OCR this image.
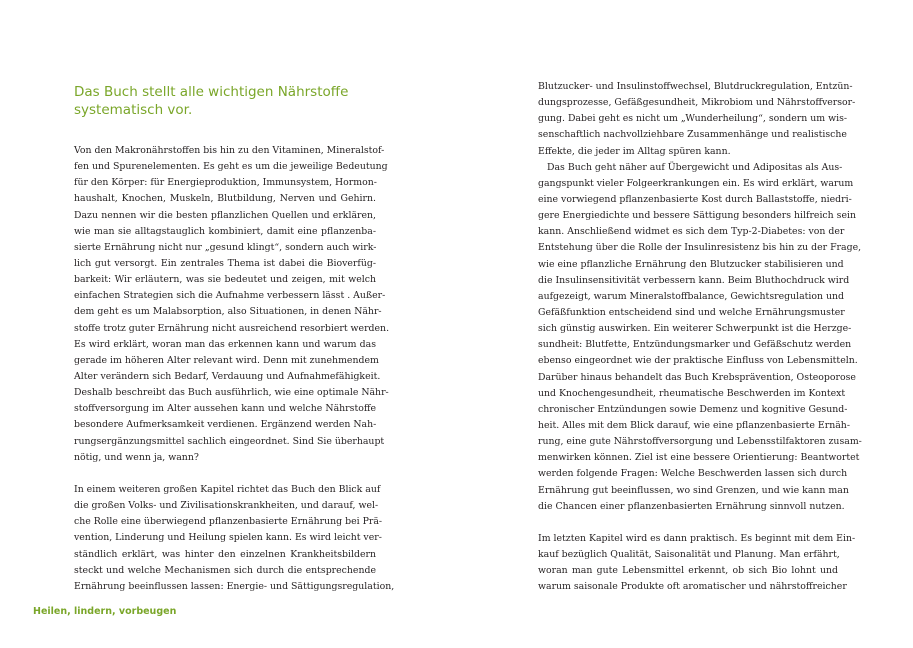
Das Buch stellt alle wichtigen Nährstoffe
systematisch vor.
Von den Makronährstoffen bis hin zu den Vitaminen, Mineralstof-
fen und Spurenelementen. Es geht es um die jeweilige Bedeutung
für den Körper: für Energieproduktion, Immunsystem, Hormon-
haushalt, Knochen, Muskeln, Blutbildung, Nerven und Gehirn.
Dazu nennen wir die besten pflanzlichen Quellen und erklären,
wie man sie alltagstauglich kombiniert, damit eine pflanzenba-
sierte Ernährung nicht nur „gesund klingt“, sondern auch wirk-
lich gut versorgt. Ein zentrales Thema ist dabei die Bioverfüg-
barkeit: Wir erläutern, was sie bedeutet und zeigen, mit welch
einfachen Strategien sich die Aufnahme verbessern lässt . Außer-
dem geht es um Malabsorption, also Situationen, in denen Nähr-
stoffe trotz guter Ernährung nicht ausreichend resorbiert werden.
Es wird erklärt, woran man das erkennen kann und warum das
gerade im höheren Alter relevant wird. Denn mit zunehmendem
Alter verändern sich Bedarf, Verdauung und Aufnahmefähigkeit.
Deshalb beschreibt das Buch ausführlich, wie eine optimale Nähr-
stoffversorgung im Alter aussehen kann und welche Nährstoffe
besondere Aufmerksamkeit verdienen. Ergänzend werden Nah-
rungsergänzungsmittel sachlich eingeordnet. Sind Sie überhaupt
nötig, und wenn ja, wann?
In einem weiteren großen Kapitel richtet das Buch den Blick auf
die großen Volks- und Zivilisationskrankheiten, und darauf, wel-
che Rolle eine überwiegend pflanzenbasierte Ernährung bei Prä-
vention, Linderung und Heilung spielen kann. Es wird leicht ver-
ständlich erklärt, was hinter den einzelnen Krankheitsbildern
steckt und welche Mechanismen sich durch die entsprechende
Ernährung beeinflussen lassen: Energie- und Sättigungsregulation,
Blutzucker- und Insulinstoffwechsel, Blutdruckregulation, Entzün-
dungsprozesse, Gefäßgesundheit, Mikrobiom und Nährstoffversor-
gung. Dabei geht es nicht um „Wunderheilung“, sondern um wis-
senschaftlich nachvollziehbare Zusammenhänge und realistische
Effekte, die jeder im Alltag spüren kann.
Das Buch geht näher auf Übergewicht und Adipositas als Aus-
gangspunkt vieler Folgeerkrankungen ein. Es wird erklärt, warum
eine vorwiegend pflanzenbasierte Kost durch Ballaststoffe, niedri-
gere Energiedichte und bessere Sättigung besonders hilfreich sein
kann. Anschließend widmet es sich dem Typ-2-Diabetes: von der
Entstehung über die Rolle der Insulinresistenz bis hin zu der Frage,
wie eine pflanzliche Ernährung den Blutzucker stabilisieren und
die Insulinsensitivität verbessern kann. Beim Bluthochdruck wird
aufgezeigt, warum Mineralstoffbalance, Gewichtsregulation und
Gefäßfunktion entscheidend sind und welche Ernährungsmuster
sich günstig auswirken. Ein weiterer Schwerpunkt ist die Herzge-
sundheit: Blutfette, Entzündungsmarker und Gefäßschutz werden
ebenso eingeordnet wie der praktische Einfluss von Lebensmitteln.
Darüber hinaus behandelt das Buch Krebsprävention, Osteoporose
und Knochengesundheit, rheumatische Beschwerden im Kontext
chronischer Entzündungen sowie Demenz und kognitive Gesund-
heit. Alles mit dem Blick darauf, wie eine pflanzenbasierte Ernäh-
rung, eine gute Nährstoffversorgung und Lebensstilfaktoren zusam-
menwirken können. Ziel ist eine bessere Orientierung: Beantwortet
werden folgende Fragen: Welche Beschwerden lassen sich durch
Ernährung gut beeinflussen, wo sind Grenzen, und wie kann man
die Chancen einer pflanzenbasierten Ernährung sinnvoll nutzen.
Im letzten Kapitel wird es dann praktisch. Es beginnt mit dem Ein-
kauf bezüglich Qualität, Saisonalität und Planung. Man erfährt,
woran man gute Lebensmittel erkennt, ob sich Bio lohnt und
warum saisonale Produkte oft aromatischer und nährstoffreicher
Heilen, lindern, vorbeugen
